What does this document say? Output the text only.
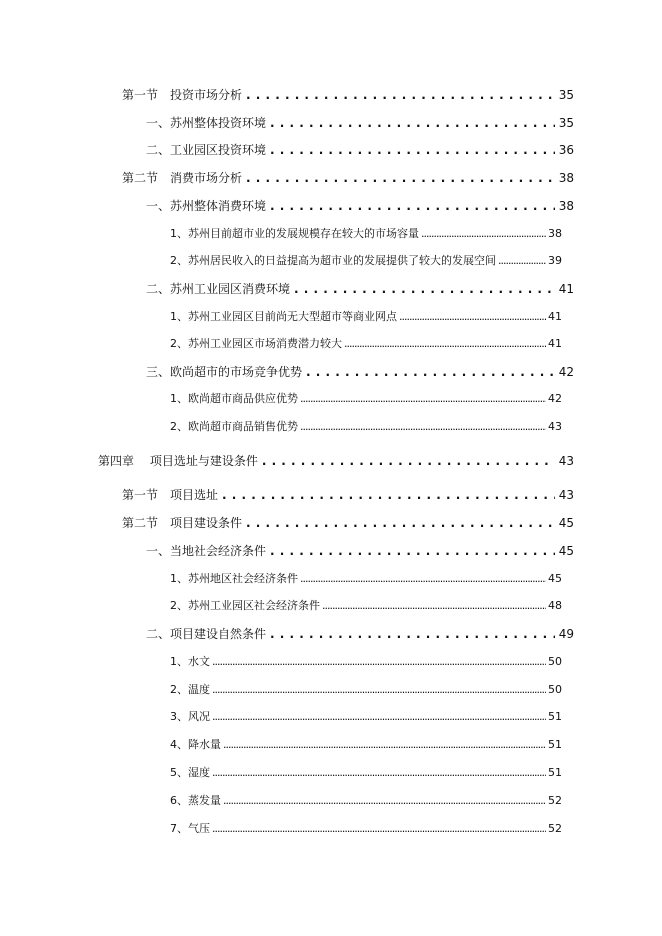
第一节　投资市场分析 . . .	35
一、苏州整体投资环境 . . .	35
二、工业园区投资环境 . . .	36
第二节　消费市场分析 . . .	38
一、苏州整体消费环境 . . .	38
1、苏州目前超市业的发展规模存在较大的市场容量 .....	38
2、苏州居民收入的日益提高为超市业的发展提供了较大的发展空间 .....	39
二、苏州工业园区消费环境 . . .	41
1、苏州工业园区目前尚无大型超市等商业网点 .....	41
2、苏州工业园区市场消费潜力较大 .....	41
三、欧尚超市的市场竞争优势 . . .	42
1、欧尚超市商品供应优势 .....	42
2、欧尚超市商品销售优势 .....	43
第四章　 项目选址与建设条件 . . .	43
第一节　项目选址 . . .	43
第二节　项目建设条件 . . .	45
一、当地社会经济条件 . . .	45
1、苏州地区社会经济条件 .....	45
2、苏州工业园区社会经济条件 .....	48
二、项目建设自然条件 . . .	49
1、水文 .....	50
2、温度 .....	50
3、风况 .....	51
4、降水量 .....	51
5、湿度 .....	51
6、蒸发量 .....	52
7、气压 .....	52
